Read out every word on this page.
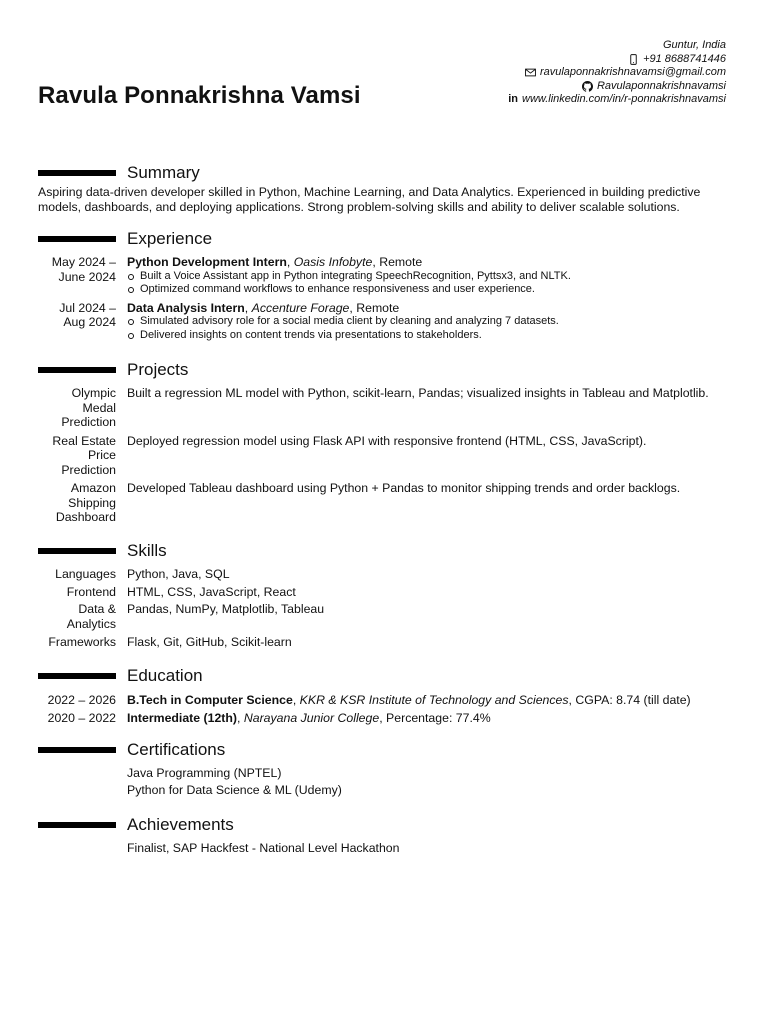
Ravula Ponnakrishna Vamsi
Guntur, India
+91 8688741446
ravulaponnakrishnavamsi@gmail.com
Ravulaponnakrishnavamsi
in www.linkedin.com/in/r-ponnakrishnavamsi
Summary
Aspiring data-driven developer skilled in Python, Machine Learning, and Data Analytics. Experienced in building predictive models, dashboards, and deploying applications. Strong problem-solving skills and ability to deliver scalable solutions.
Experience
May 2024 –
June 2024
Python Development Intern, Oasis Infobyte, Remote
Built a Voice Assistant app in Python integrating SpeechRecognition, Pyttsx3, and NLTK.
Optimized command workflows to enhance responsiveness and user experience.
Jul 2024 –
Aug 2024
Data Analysis Intern, Accenture Forage, Remote
Simulated advisory role for a social media client by cleaning and analyzing 7 datasets.
Delivered insights on content trends via presentations to stakeholders.
Projects
Olympic
Medal
Prediction
Built a regression ML model with Python, scikit-learn, Pandas; visualized insights in Tableau and Matplotlib.
Real Estate
Price
Prediction
Deployed regression model using Flask API with responsive frontend (HTML, CSS, JavaScript).
Amazon
Shipping
Dashboard
Developed Tableau dashboard using Python + Pandas to monitor shipping trends and order backlogs.
Skills
Languages Python, Java, SQL
Frontend HTML, CSS, JavaScript, React
Data &
Analytics
Pandas, NumPy, Matplotlib, Tableau
Frameworks Flask, Git, GitHub, Scikit-learn
Education
2022 – 2026 B.Tech in Computer Science, KKR & KSR Institute of Technology and Sciences, CGPA: 8.74 (till date)
2020 – 2022 Intermediate (12th), Narayana Junior College, Percentage: 77.4%
Certifications
Java Programming (NPTEL)
Python for Data Science & ML (Udemy)
Achievements
Finalist, SAP Hackfest - National Level Hackathon
